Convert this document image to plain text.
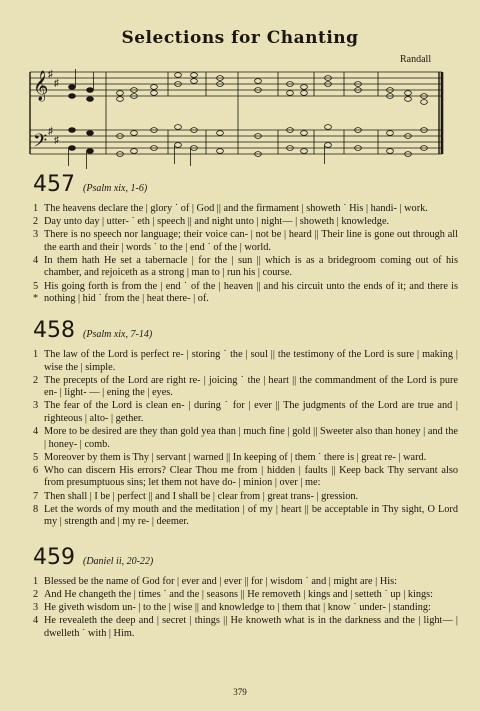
Selections for Chanting
Randall
𝄞
𝄢
♯
♯
♯
♯
457 (Psalm xix, 1-6)
1 The heavens declare the | glory ˙ of | God || and the firmament | showeth ˙ His | handi- | work.
2 Day unto day | utter- ˙ eth | speech || and night unto | night— | showeth | knowledge.
3 There is no speech nor language; their voice can- | not be | heard || Their line is gone out through all the earth and their | words ˙ to the | end ˙ of the | world.
4 In them hath He set a tabernacle | for the | sun || which is as a bridegroom coming out of his chamber, and rejoiceth as a strong | man to | run his | course.
5 *
His going forth is from the | end ˙ of the | heaven || and his circuit unto the ends of it; and there is nothing | hid ˙ from the | heat there- | of.
458 (Psalm xix, 7-14)
1 The law of the Lord is perfect re- | storing ˙ the | soul || the testimony of the Lord is sure | making | wise the | simple.
2 The precepts of the Lord are right re- | joicing ˙ the | heart || the commandment of the Lord is pure en- | light- — | ening the | eyes.
3 The fear of the Lord is clean en- | during ˙ for | ever || The judgments of the Lord are true and | righteous | alto- | gether.
4 More to be desired are they than gold yea than | much fine | gold || Sweeter also than honey | and the | honey- | comb.
5 Moreover by them is Thy | servant | warned || In keeping of | them ˙ there is | great re- | ward.
6 Who can discern His errors? Clear Thou me from | hidden | faults || Keep back Thy servant also from presumptuous sins; let them not have do- | minion | over | me:
7 Then shall | I be | perfect || and I shall be | clear from | great trans- | gression.
8 Let the words of my mouth and the meditation | of my | heart || be acceptable in Thy sight, O Lord my | strength and | my re- | deemer.
459 (Daniel ii, 20-22)
1 Blessed be the name of God for | ever and | ever || for | wisdom ˙ and | might are | His:
2 And He changeth the | times ˙ and the | seasons || He removeth | kings and | setteth ˙ up | kings:
3 He giveth wisdom un- | to the | wise || and knowledge to | them that | know ˙ under- | standing:
4 He revealeth the deep and | secret | things || He knoweth what is in the darkness and the | light— | dwelleth ˙ with | Him.
379
